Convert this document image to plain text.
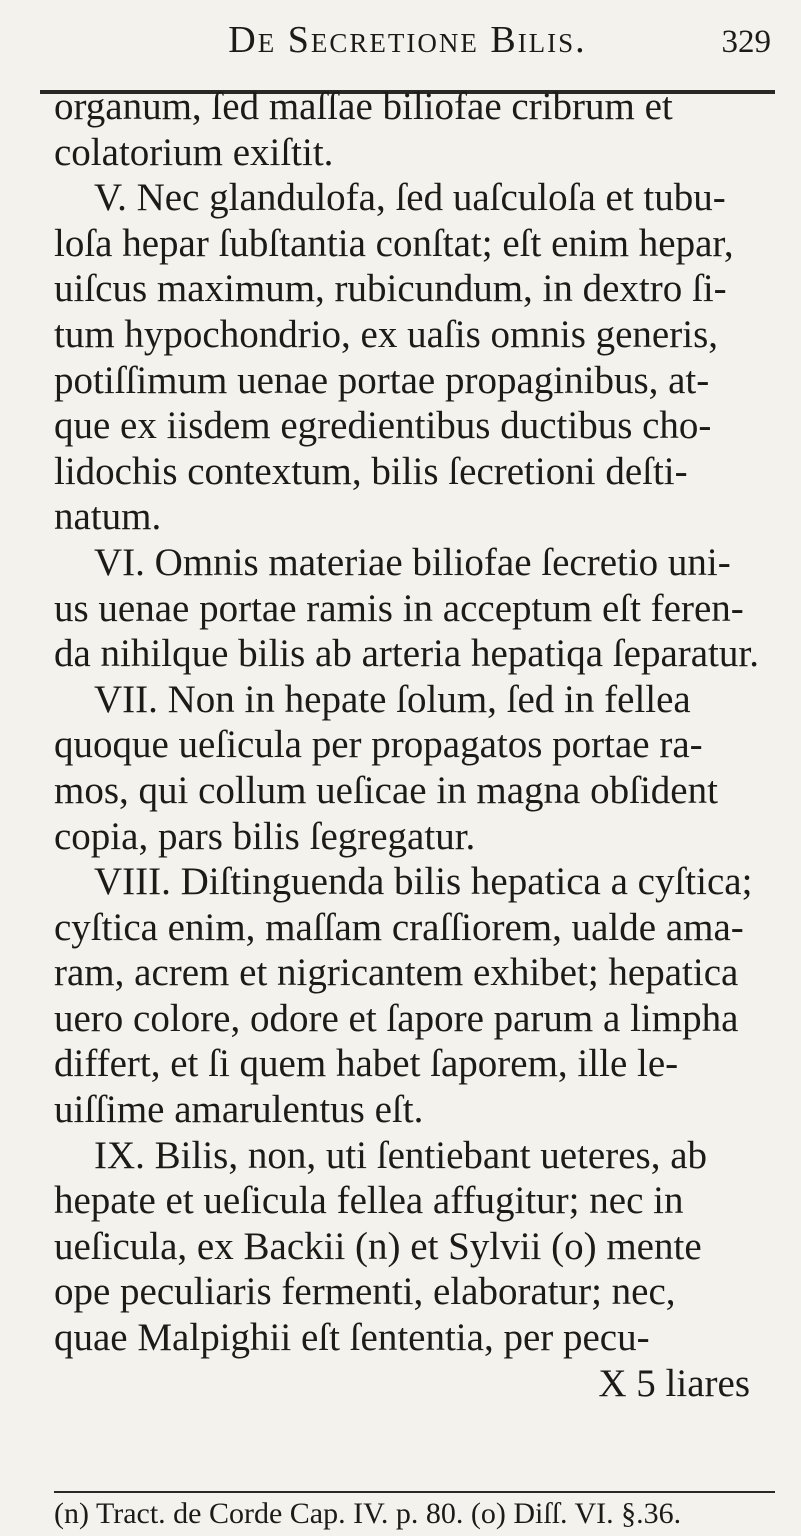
De Secretione Bilis.	329
organum, ſed maſſae biliofae cribrum et
colatorium exiſtit.
V. Nec glandulofa, ſed uaſculoſa et tubu-
loſa hepar ſubſtantia conſtat; eſt enim hepar,
uiſcus maximum, rubicundum, in dextro ſi-
tum hypochondrio, ex uaſis omnis generis,
potiſſimum uenae portae propaginibus, at-
que ex iisdem egredientibus ductibus cho-
lidochis contextum, bilis ſecretioni deſti-
natum.
VI. Omnis materiae biliofae ſecretio uni-
us uenae portae ramis in acceptum eſt feren-
da nihilque bilis ab arteria hepatiqa ſeparatur.
VII. Non in hepate ſolum, ſed in fellea
quoque ueſicula per propagatos portae ra-
mos, qui collum ueſicae in magna obſident
copia, pars bilis ſegregatur.
VIII. Diſtinguenda bilis hepatica a cyſtica;
cyſtica enim, maſſam craſſiorem, ualde ama-
ram, acrem et nigricantem exhibet; hepatica
uero colore, odore et ſapore parum a limpha
differt, et ſi quem habet ſaporem, ille le-
uiſſime amarulentus eſt.
IX. Bilis, non, uti ſentiebant ueteres, ab
hepate et ueſicula fellea affugitur; nec in
ueſicula, ex Backii (n) et Sylvii (o) mente
ope peculiaris fermenti, elaboratur; nec,
quae Malpighii eſt ſententia, per pecu-
X 5 liares
(n) Tract. de Corde Cap. IV. p. 80. (o) Diſſ. VI. §.36.
